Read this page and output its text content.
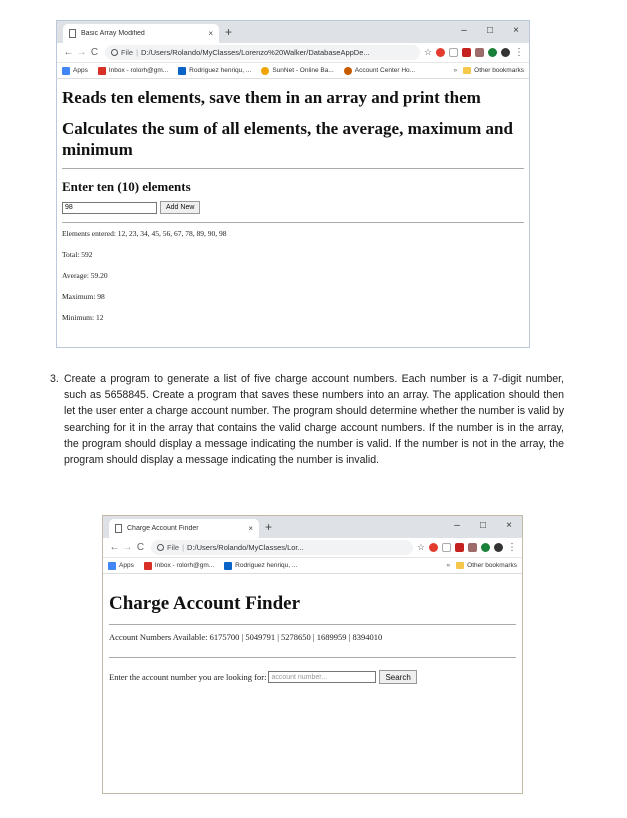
Basic Array Modified	× +	–	□	×
← → C	File | D:/Users/Rolando/MyClasses/Lorenzo%20Walker/DatabaseAppDe...	☆	⋮
Apps	Inbox - rolorh@gm...	Rodriguez henriqu, ...	SunNet - Online Ba...	Account Center Ho...	»	Other bookmarks
Reads ten elements, save them in an array and print them
Calculates the sum of all elements, the average, maximum and minimum
Enter ten (10) elements
98	Add New
Elements entered: 12, 23, 34, 45, 56, 67, 78, 89, 90, 98
Total: 592
Average: 59.20
Maximum: 98
Minimum: 12
3. Create a program to generate a list of five charge account numbers. Each number is a 7-digit number, such as 5658845. Create a program that saves these numbers into an array. The application should then let the user enter a charge account number. The program should determine whether the number is valid by searching for it in the array that contains the valid charge account numbers. If the number is in the array, the program should display a message indicating the number is valid. If the number is not in the array, the program should display a message indicating the number is invalid.

Charge Account Finder	× +	–	□	×
← → C	File | D:/Users/Rolando/MyClasses/Lor...	☆	⋮
Apps	Inbox - rolorh@gm...	Rodriguez henriqu, ...	»	Other bookmarks
Charge Account Finder
Account Numbers Available: 6175700 | 5049791 | 5278650 | 1689959 | 8394010
Enter the account number you are looking for: account number...	Search
